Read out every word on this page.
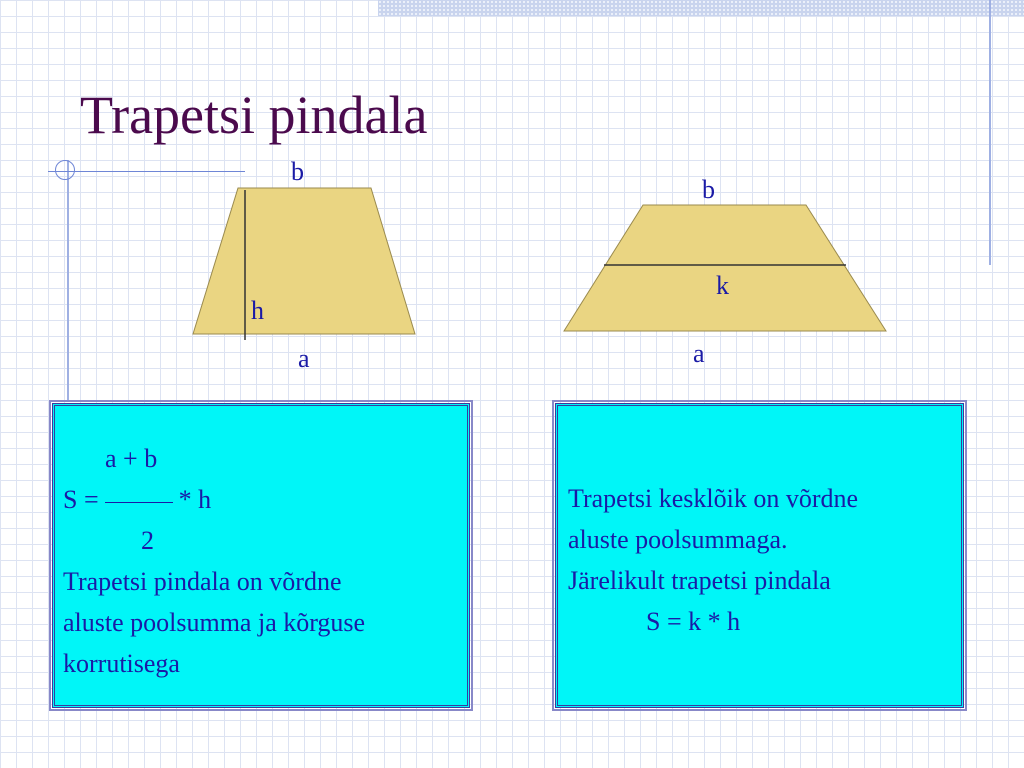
Trapetsi pindala
b
h
a
b
k
a
a + b
S =	* h
2
Trapetsi pindala on võrdne
aluste poolsumma ja kõrguse
korrutisega
Trapetsi kesklõik on võrdne
aluste poolsummaga.
Järelikult trapetsi pindala
S = k * h
